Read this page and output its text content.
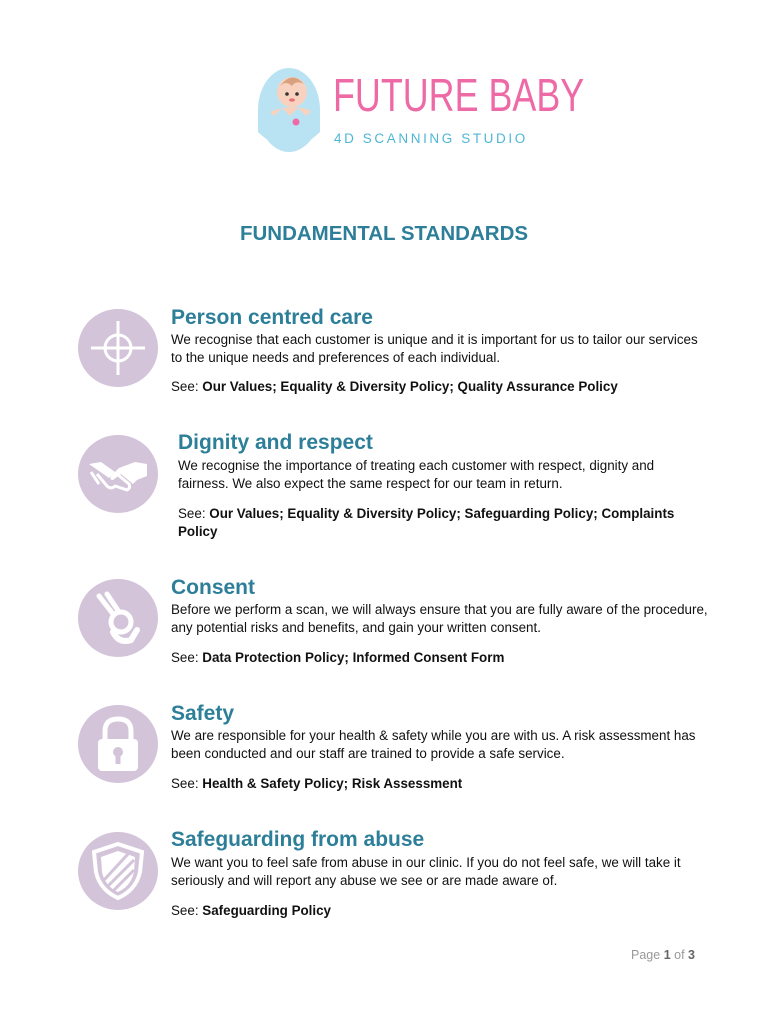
FUTURE BABY
4D SCANNING STUDIO
FUNDAMENTAL STANDARDS
Person centred care

We recognise that each customer is unique and it is important for us to tailor our services to the unique needs and preferences of each individual.

See: Our Values; Equality & Diversity Policy; Quality Assurance Policy

Dignity and respect

We recognise the importance of treating each customer with respect, dignity and fairness. We also expect the same respect for our team in return.

See: Our Values; Equality & Diversity Policy; Safeguarding Policy; Complaints Policy

Consent

Before we perform a scan, we will always ensure that you are fully aware of the procedure, any potential risks and benefits, and gain your written consent.

See: Data Protection Policy; Informed Consent Form

Safety

We are responsible for your health & safety while you are with us. A risk assessment has been conducted and our staff are trained to provide a safe service.

See: Health & Safety Policy; Risk Assessment

Safeguarding from abuse

We want you to feel safe from abuse in our clinic. If you do not feel safe, we will take it seriously and will report any abuse we see or are made aware of.

See: Safeguarding Policy

Page 1 of 3
